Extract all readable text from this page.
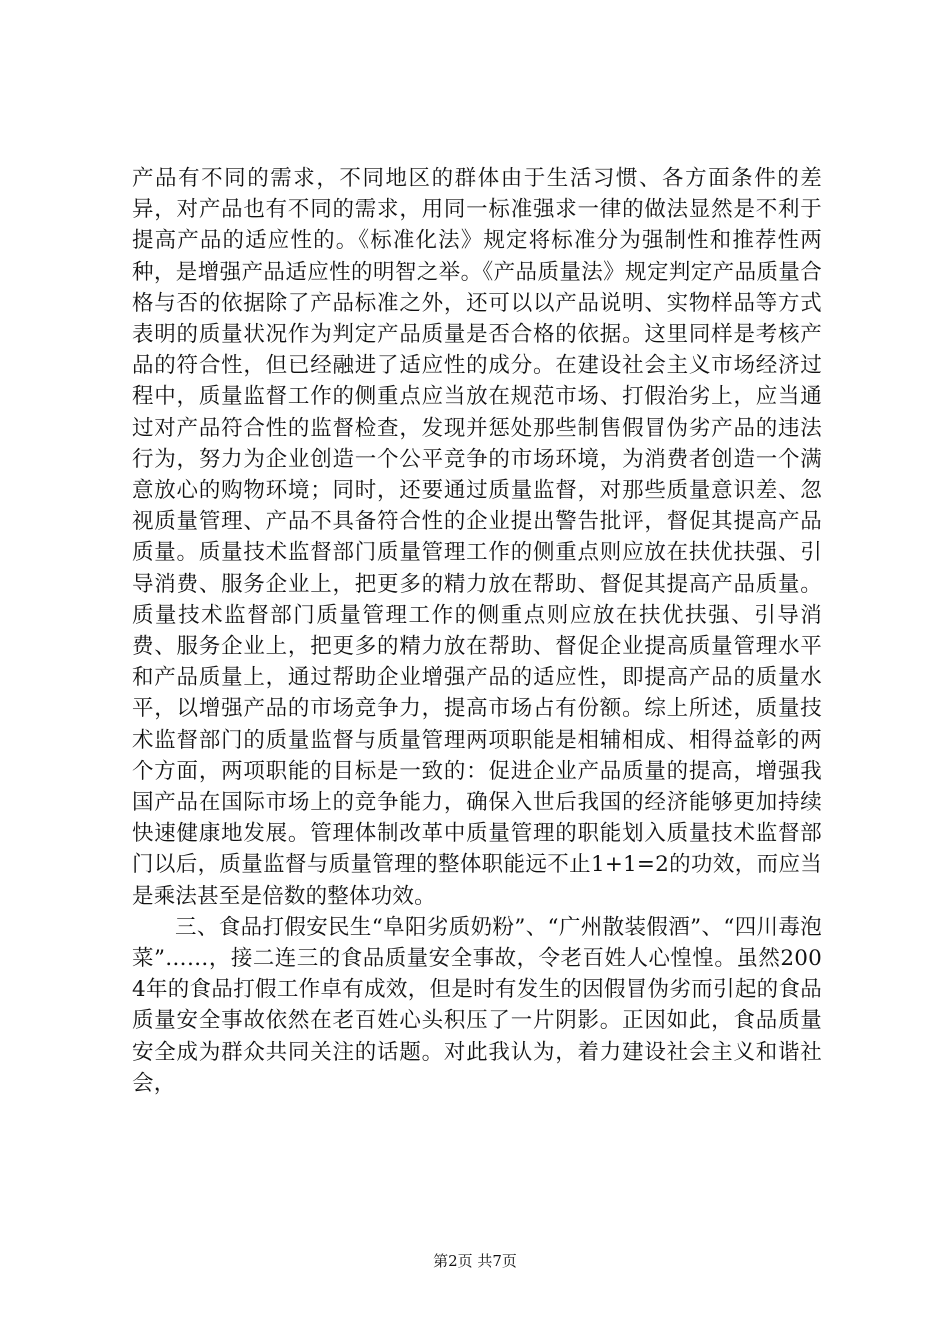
产品有不同的需求，不同地区的群体由于生活习惯、各方面条件的差异，对产品也有不同的需求，用同一标准强求一律的做法显然是不利于提高产品的适应性的。《标准化法》规定将标准分为强制性和推荐性两种，是增强产品适应性的明智之举。《产品质量法》规定判定产品质量合格与否的依据除了产品标准之外，还可以以产品说明、实物样品等方式表明的质量状况作为判定产品质量是否合格的依据。这里同样是考核产品的符合性，但已经融进了适应性的成分。在建设社会主义市场经济过程中，质量监督工作的侧重点应当放在规范市场、打假治劣上，应当通过对产品符合性的监督检查，发现并惩处那些制售假冒伪劣产品的违法行为，努力为企业创造一个公平竞争的市场环境，为消费者创造一个满意放心的购物环境；同时，还要通过质量监督，对那些质量意识差、忽视质量管理、产品不具备符合性的企业提出警告批评，督促其提高产品质量。质量技术监督部门质量管理工作的侧重点则应放在扶优扶强、引导消费、服务企业上，把更多的精力放在帮助、督促其提高产品质量。质量技术监督部门质量管理工作的侧重点则应放在扶优扶强、引导消费、服务企业上，把更多的精力放在帮助、督促企业提高质量管理水平和产品质量上，通过帮助企业增强产品的适应性，即提高产品的质量水平，以增强产品的市场竞争力，提高市场占有份额。综上所述，质量技术监督部门的质量监督与质量管理两项职能是相辅相成、相得益彰的两个方面，两项职能的目标是一致的：促进企业产品质量的提高，增强我国产品在国际市场上的竞争能力，确保入世后我国的经济能够更加持续快速健康地发展。管理体制改革中质量管理的职能划入质量技术监督部门以后，质量监督与质量管理的整体职能远不止1+1=2的功效，而应当是乘法甚至是倍数的整体功效。

三、食品打假安民生“阜阳劣质奶粉”、“广州散装假酒”、“四川毒泡菜”……，接二连三的食品质量安全事故，令老百姓人心惶惶。虽然2004年的食品打假工作卓有成效，但是时有发生的因假冒伪劣而引起的食品质量安全事故依然在老百姓心头积压了一片阴影。正因如此，食品质量安全成为群众共同关注的话题。对此我认为，着力建设社会主义和谐社会，

第2页 共7页
